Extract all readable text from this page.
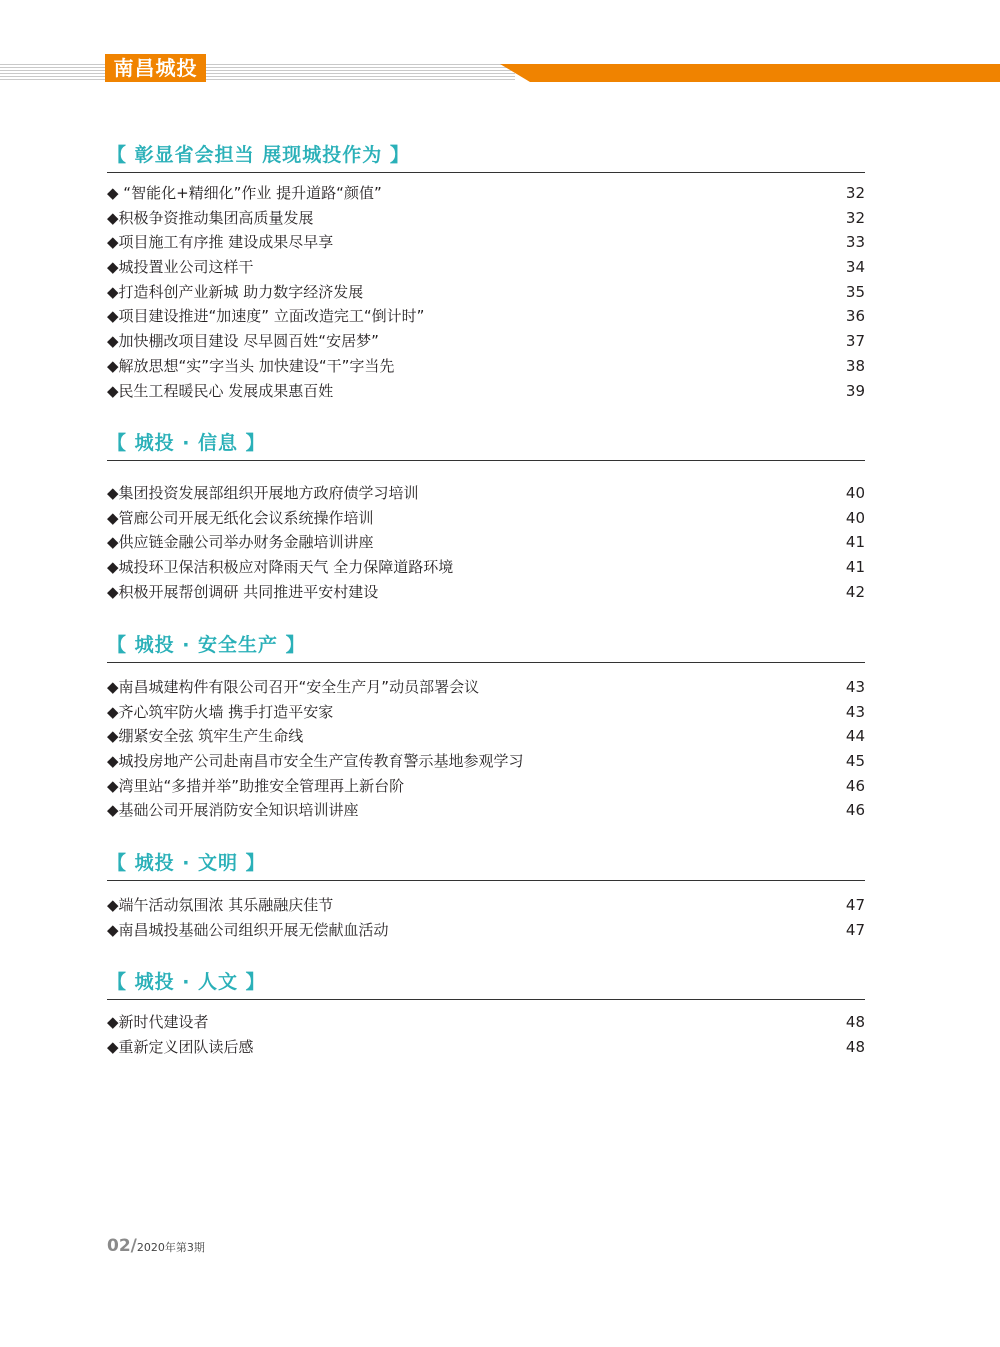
南昌城投
【 彰显省会担当 展现城投作为 】
◆ “智能化+精细化”作业 提升道路“颜值”	32
◆积极争资推动集团高质量发展	32
◆项目施工有序推 建设成果尽早享	33
◆城投置业公司这样干	34
◆打造科创产业新城 助力数字经济发展	35
◆项目建设推进“加速度” 立面改造完工“倒计时”	36
◆加快棚改项目建设 尽早圆百姓“安居梦”	37
◆解放思想“实”字当头 加快建设“干”字当先	38
◆民生工程暖民心 发展成果惠百姓	39
【 城投 · 信息 】
◆集团投资发展部组织开展地方政府债学习培训	40
◆管廊公司开展无纸化会议系统操作培训	40
◆供应链金融公司举办财务金融培训讲座	41
◆城投环卫保洁积极应对降雨天气 全力保障道路环境	41
◆积极开展帮创调研 共同推进平安村建设	42
【 城投 · 安全生产 】
◆南昌城建构件有限公司召开“安全生产月”动员部署会议	43
◆齐心筑牢防火墙 携手打造平安家	43
◆绷紧安全弦 筑牢生产生命线	44
◆城投房地产公司赴南昌市安全生产宣传教育警示基地参观学习	45
◆湾里站“多措并举”助推安全管理再上新台阶	46
◆基础公司开展消防安全知识培训讲座	46
【 城投 · 文明 】
◆端午活动氛围浓 其乐融融庆佳节	47
◆南昌城投基础公司组织开展无偿献血活动	47
【 城投 · 人文 】
◆新时代建设者	48
◆重新定义团队读后感	48
02/2020年第3期
